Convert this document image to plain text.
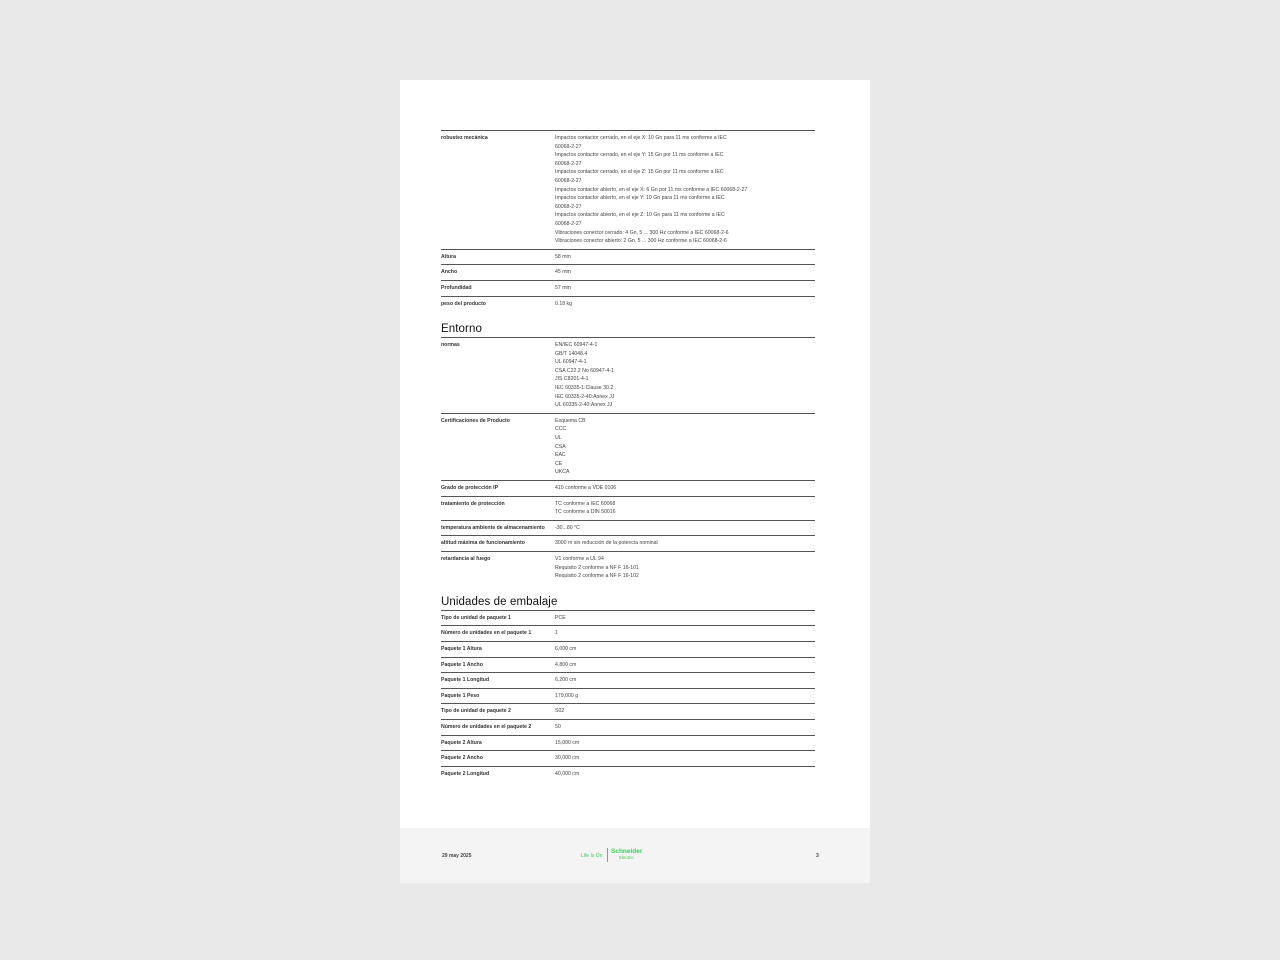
robustez mecánica	Impactos contactor cerrado, en el eje X: 10 Gn para 11 ms conforme a IEC
60068-2-27
Impactos contactor cerrado, en el eje Y: 15 Gn por 11 ms conforme a IEC
60068-2-27
Impactos contactor cerrado, en el eje Z: 15 Gn por 11 ms conforme a IEC
60068-2-27
Impactos contactor abierto, en el eje X: 6 Gn por 11 ms conforme a IEC 60068-2-27
Impactos contactor abierto, en el eje Y: 10 Gn para 11 ms conforme a IEC
60068-2-27
Impactos contactor abierto, en el eje Z: 10 Gn para 11 ms conforme a IEC
60068-2-27
Vibraciones conector cerrado: 4 Gn, 5 ... 300 Hz conforme a IEC 60068-2-6
Vibraciones conector abierto: 2 Gn, 5 ... 300 Hz conforme a IEC 60068-2-6
Altura	58 mm
Ancho	45 mm
Profundidad	57 mm
peso del producto	0.18 kg
Entorno
normas	EN/IEC 60947-4-1
GB/T 14048.4
UL 60947-4-1
CSA C22.2 No 60947-4-1
JIS C8201-4-1
IEC 60335-1:Clause 30.2
IEC 60335-2-40:Annex JJ
UL 60335-2-40:Annex JJ
Certificaciones de Producto	Esquema CB
CCC
UL
CSA
EAC
CE
UKCA
Grado de protección IP	410 conforme a VDE 0106
tratamiento de protección	TC conforme a IEC 60068
TC conforme a DIN 50016
temperatura ambiente de almacenamiento	-30...80 °C
altitud máxima de funcionamiento	3000 m sin reducción de la potencia nominal
retardancia al fuego	V1 conforme a UL 94
Requisito 2 conforme a NF F 16-101
Requisito 2 conforme a NF F 16-102
Unidades de embalaje
Tipo de unidad de paquete 1	PCE
Número de unidades en el paquete 1	1
Paquete 1 Altura	6,000 cm
Paquete 1 Ancho	4,800 cm
Paquete 1 Longitud	6,200 cm
Paquete 1 Peso	179,000 g
Tipo de unidad de paquete 2	S02
Número de unidades en el paquete 2	50
Paquete 2 Altura	15,000 cm
Paquete 2 Ancho	30,000 cm
Paquete 2 Longitud	40,000 cm
29 may 2025	Life Is On
Schneider
Electric	3
